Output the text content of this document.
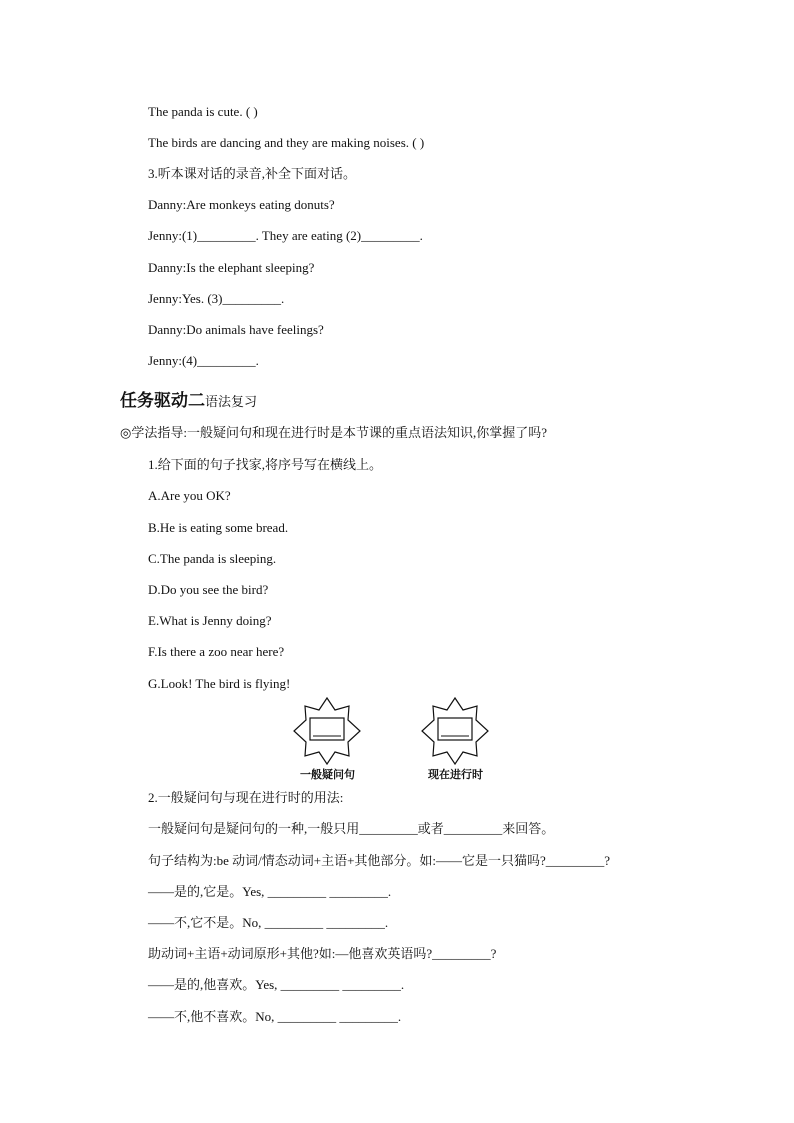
The panda is cute. ( )
The birds are dancing and they are making noises. ( )
3.听本课对话的录音,补全下面对话。
Danny:Are monkeys eating donuts?
Jenny:(1)_________. They are eating (2)_________.
Danny:Is the elephant sleeping?
Jenny:Yes. (3)_________.
Danny:Do animals have feelings?
Jenny:(4)_________.
任务驱动二语法复习
◎学法指导:一般疑问句和现在进行时是本节课的重点语法知识,你掌握了吗?
1.给下面的句子找家,将序号写在横线上。
A.Are you OK?
B.He is eating some bread.
C.The panda is sleeping.
D.Do you see the bird?
E.What is Jenny doing?
F.Is there a zoo near here?
G.Look! The bird is flying!
一般疑问句	现在进行时
2.一般疑问句与现在进行时的用法:
一般疑问句是疑问句的一种,一般只用_________或者_________来回答。
句子结构为:be 动词/情态动词+主语+其他部分。如:——它是一只猫吗?_________?
——是的,它是。Yes, _________ _________.
——不,它不是。No, _________ _________.
助动词+主语+动词原形+其他?如:—他喜欢英语吗?_________?
——是的,他喜欢。Yes, _________ _________.
——不,他不喜欢。No, _________ _________.
